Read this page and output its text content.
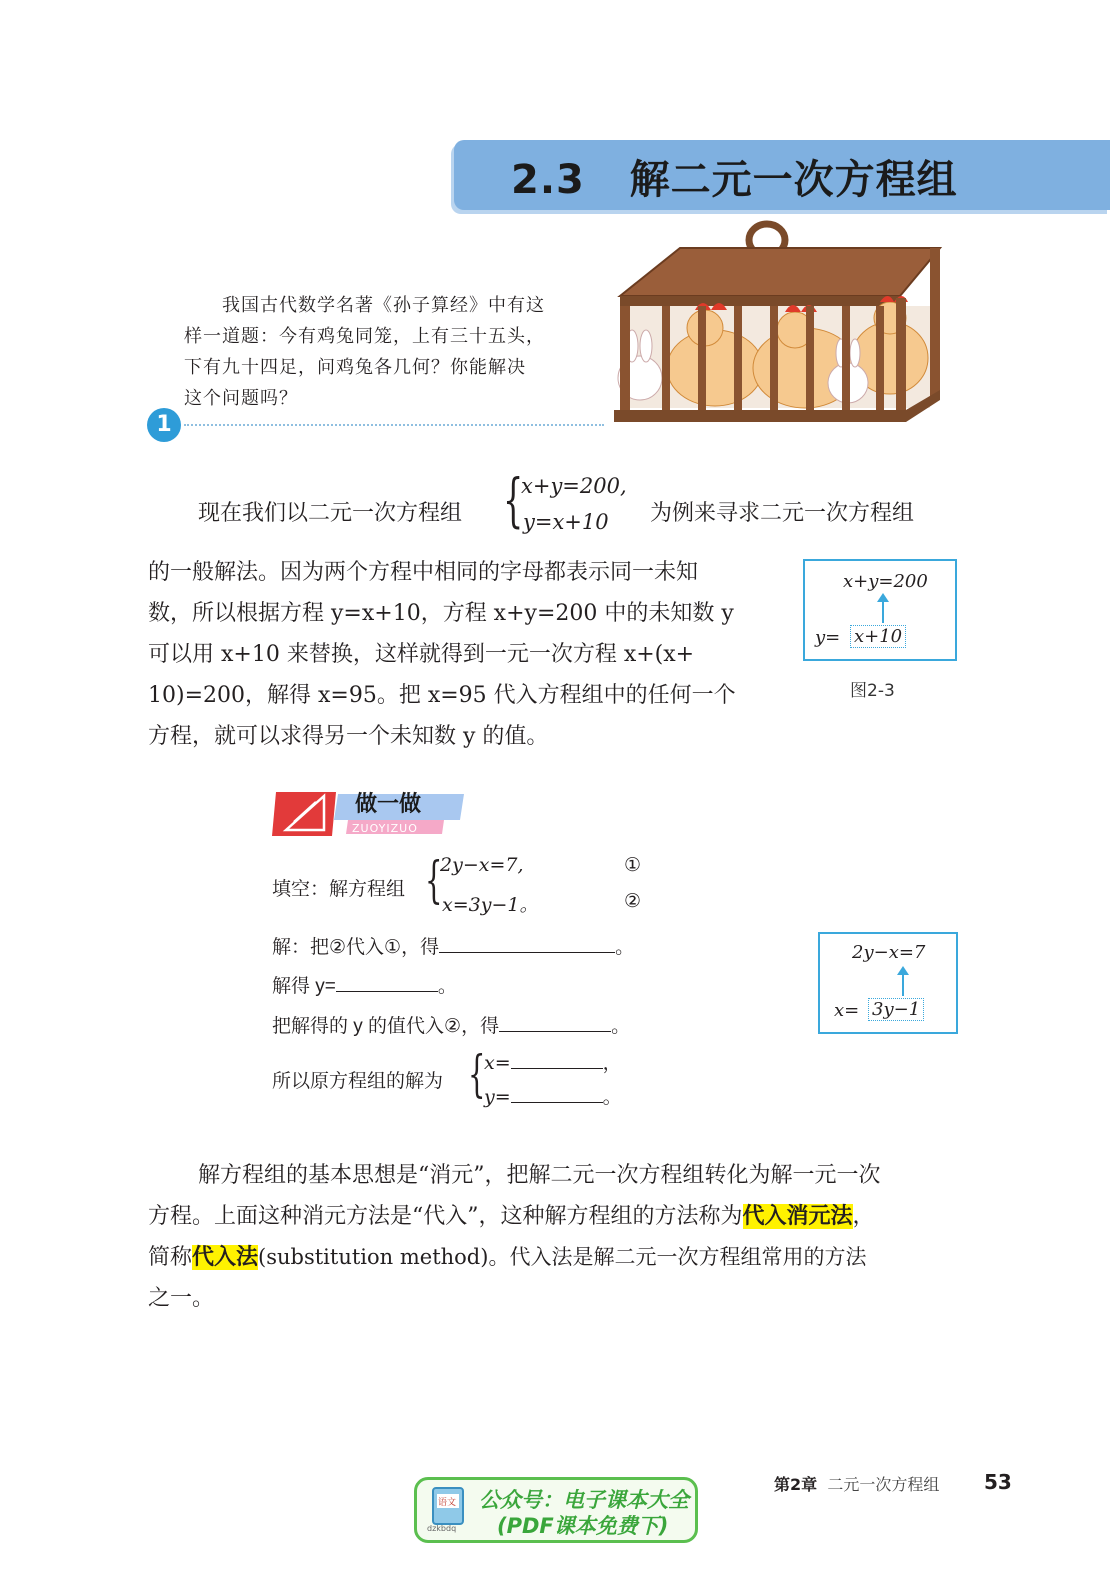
2.3 解二元一次方程组
我国古代数学名著《孙子算经》中有这
样一道题：今有鸡兔同笼，上有三十五头，
下有九十四足，问鸡兔各几何？你能解决
这个问题吗？
1
现在我们以二元一次方程组 {
x+y=200,
y=x+10 为例来寻求二元一次方程组
的一般解法。因为两个方程中相同的字母都表示同一未知
数，所以根据方程 y=x+10，方程 x+y=200 中的未知数 y
可以用 x+10 来替换，这样就得到一元一次方程 x+(x+
10)=200，解得 x=95。把 x=95 代入方程组中的任何一个
方程，就可以求得另一个未知数 y 的值。
x+y=200
y= x+10
图2-3
做一做
ZUOYIZUO
填空：解方程组 {
2y−x=7,
x=3y−1。
①
②
解：把②代入①，得	。
解得 y=	。
把解得的 y 的值代入②，得	。
所以原方程组的解为 {
x=	，
y=	。
2y−x=7
x= 3y−1
解方程组的基本思想是“消元”，把解二元一次方程组转化为解一元一次
方程。上面这种消元方法是“代入”，这种解方程组的方法称为代入消元法，
简称代入法(substitution method)。代入法是解二元一次方程组常用的方法
之一。
第2章 二元一次方程组 53
语文
dzkbdq
公众号：电子课本大全
(PDF课本免费下)
